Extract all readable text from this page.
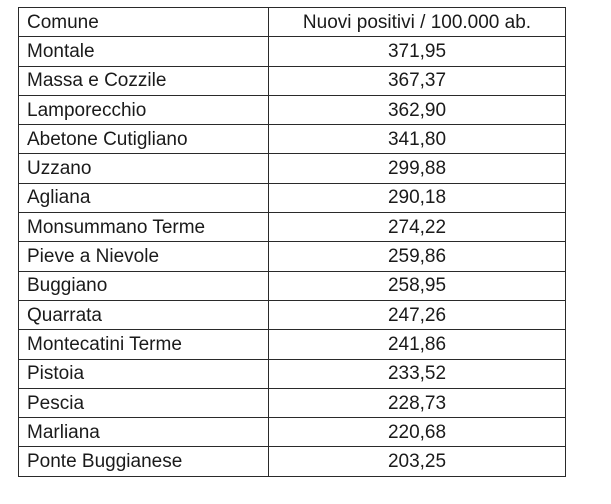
Comune	Nuovi positivi / 100.000 ab.
Montale	371,95
Massa e Cozzile	367,37
Lamporecchio	362,90
Abetone Cutigliano	341,80
Uzzano	299,88
Agliana	290,18
Monsummano Terme	274,22
Pieve a Nievole	259,86
Buggiano	258,95
Quarrata	247,26
Montecatini Terme	241,86
Pistoia	233,52
Pescia	228,73
Marliana	220,68
Ponte Buggianese	203,25
